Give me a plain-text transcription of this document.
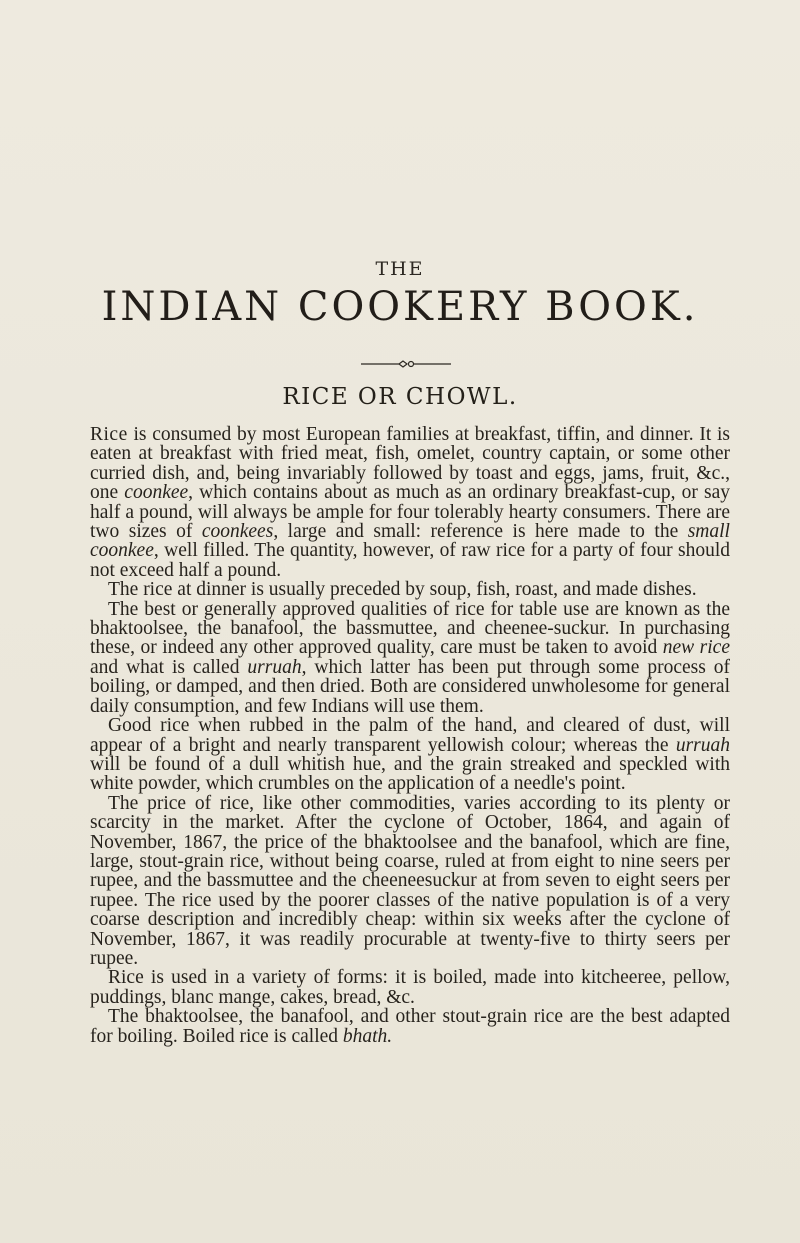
THE
INDIAN COOKERY BOOK.
RICE OR CHOWL.

Rice is consumed by most European families at breakfast, tiffin, and dinner. It is eaten at breakfast with fried meat, fish, omelet, country captain, or some other curried dish, and, being invariably followed by toast and eggs, jams, fruit, &c., one coonkee, which contains about as much as an ordinary breakfast-cup, or say half a pound, will always be ample for four tolerably hearty consumers. There are two sizes of coonkees, large and small: reference is here made to the small coonkee, well filled. The quantity, however, of raw rice for a party of four should not exceed half a pound.

The rice at dinner is usually preceded by soup, fish, roast, and made dishes.

The best or generally approved qualities of rice for table use are known as the bhaktoolsee, the banafool, the bassmuttee, and cheenee-suckur. In purchasing these, or indeed any other approved quality, care must be taken to avoid new rice and what is called urruah, which latter has been put through some process of boiling, or damped, and then dried. Both are considered unwholesome for general daily consumption, and few Indians will use them.

Good rice when rubbed in the palm of the hand, and cleared of dust, will appear of a bright and nearly transparent yellowish colour; whereas the urruah will be found of a dull whitish hue, and the grain streaked and speckled with white powder, which crumbles on the application of a needle's point.

The price of rice, like other commodities, varies according to its plenty or scarcity in the market. After the cyclone of October, 1864, and again of November, 1867, the price of the bhaktoolsee and the banafool, which are fine, large, stout-grain rice, without being coarse, ruled at from eight to nine seers per rupee, and the bassmuttee and the cheeneesuckur at from seven to eight seers per rupee. The rice used by the poorer classes of the native population is of a very coarse description and incredibly cheap: within six weeks after the cyclone of November, 1867, it was readily procurable at twenty-five to thirty seers per rupee.

Rice is used in a variety of forms: it is boiled, made into kitcheeree, pellow, puddings, blanc mange, cakes, bread, &c.

The bhaktoolsee, the banafool, and other stout-grain rice are the best adapted for boiling. Boiled rice is called bhath.
